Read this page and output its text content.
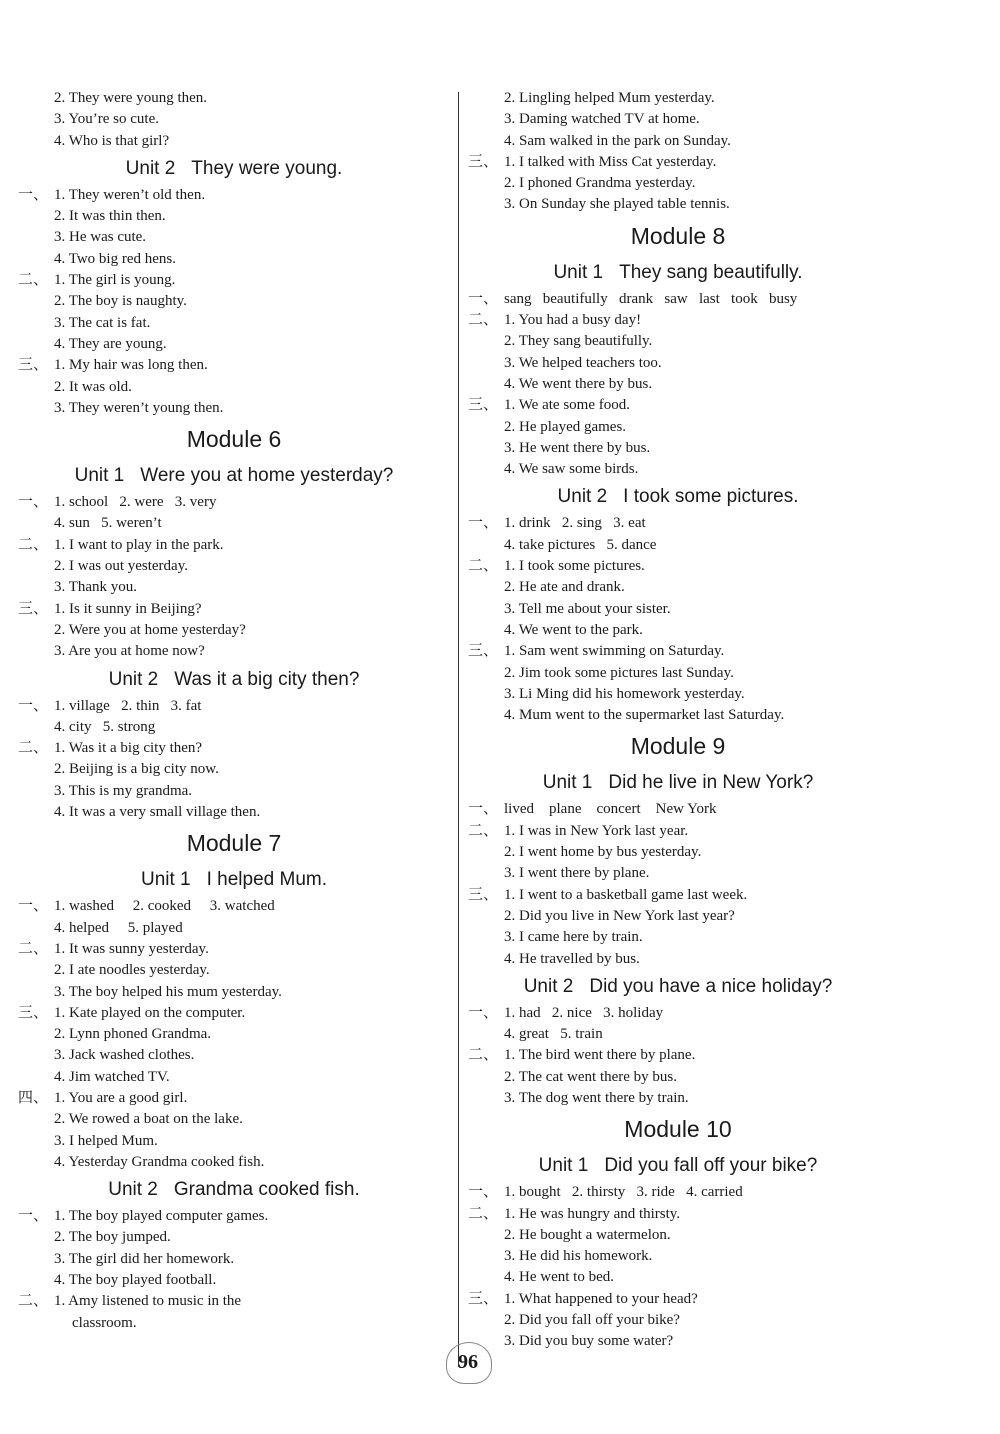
2. They were young then.
3. You’re so cute.
4. Who is that girl?
Unit 2 They were young.
一、 1. They weren’t old then.
2. It was thin then.
3. He was cute.
4. Two big red hens.
二、 1. The girl is young.
2. The boy is naughty.
3. The cat is fat.
4. They are young.
三、 1. My hair was long then.
2. It was old.
3. They weren’t young then.
Module 6
Unit 1 Were you at home yesterday?
一、 1. school   2. were   3. very
4. sun   5. weren’t
二、 1. I want to play in the park.
2. I was out yesterday.
3. Thank you.
三、 1. Is it sunny in Beijing?
2. Were you at home yesterday?
3. Are you at home now?
Unit 2 Was it a big city then?
一、 1. village   2. thin   3. fat
4. city   5. strong
二、 1. Was it a big city then?
2. Beijing is a big city now.
3. This is my grandma.
4. It was a very small village then.
Module 7
Unit 1 I helped Mum.
一、 1. washed     2. cooked     3. watched
4. helped     5. played
二、 1. It was sunny yesterday.
2. I ate noodles yesterday.
3. The boy helped his mum yesterday.
三、 1. Kate played on the computer.
2. Lynn phoned Grandma.
3. Jack washed clothes.
4. Jim watched TV.
四、 1. You are a good girl.
2. We rowed a boat on the lake.
3. I helped Mum.
4. Yesterday Grandma cooked fish.
Unit 2 Grandma cooked fish.
一、 1. The boy played computer games.
2. The boy jumped.
3. The girl did her homework.
4. The boy played football.
二、 1. Amy listened to music in the
classroom.
2. Lingling helped Mum yesterday.
3. Daming watched TV at home.
4. Sam walked in the park on Sunday.
三、 1. I talked with Miss Cat yesterday.
2. I phoned Grandma yesterday.
3. On Sunday she played table tennis.
Module 8
Unit 1 They sang beautifully.
一、 sang   beautifully   drank   saw   last   took   busy
二、 1. You had a busy day!
2. They sang beautifully.
3. We helped teachers too.
4. We went there by bus.
三、 1. We ate some food.
2. He played games.
3. He went there by bus.
4. We saw some birds.
Unit 2 I took some pictures.
一、 1. drink   2. sing   3. eat
4. take pictures   5. dance
二、 1. I took some pictures.
2. He ate and drank.
3. Tell me about your sister.
4. We went to the park.
三、 1. Sam went swimming on Saturday.
2. Jim took some pictures last Sunday.
3. Li Ming did his homework yesterday.
4. Mum went to the supermarket last Saturday.
Module 9
Unit 1 Did he live in New York?
一、 lived    plane    concert    New York
二、 1. I was in New York last year.
2. I went home by bus yesterday.
3. I went there by plane.
三、 1. I went to a basketball game last week.
2. Did you live in New York last year?
3. I came here by train.
4. He travelled by bus.
Unit 2 Did you have a nice holiday?
一、 1. had   2. nice   3. holiday
4. great   5. train
二、 1. The bird went there by plane.
2. The cat went there by bus.
3. The dog went there by train.
Module 10
Unit 1 Did you fall off your bike?
一、 1. bought   2. thirsty   3. ride   4. carried
二、 1. He was hungry and thirsty.
2. He bought a watermelon.
3. He did his homework.
4. He went to bed.
三、 1. What happened to your head?
2. Did you fall off your bike?
3. Did you buy some water?
96
